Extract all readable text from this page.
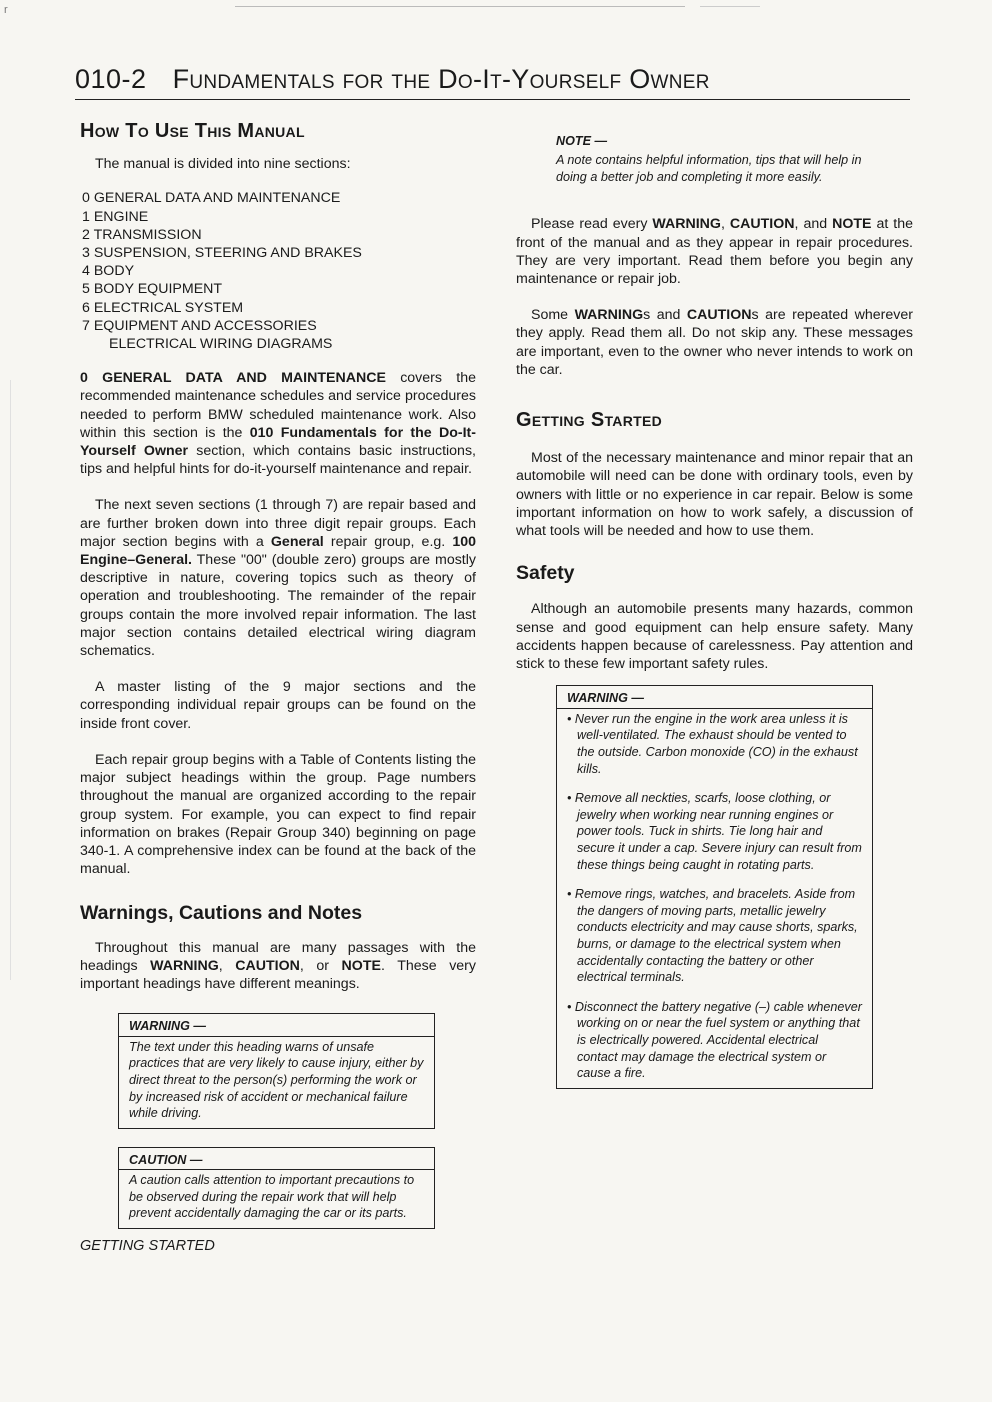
r
010-2 Fundamentals for the Do-It-Yourself Owner
How To Use This Manual

The manual is divided into nine sections:

0 GENERAL DATA AND MAINTENANCE
1 ENGINE
2 TRANSMISSION
3 SUSPENSION, STEERING AND BRAKES
4 BODY
5 BODY EQUIPMENT
6 ELECTRICAL SYSTEM
7 EQUIPMENT AND ACCESSORIES
ELECTRICAL WIRING DIAGRAMS

0 GENERAL DATA AND MAINTENANCE covers the recommended maintenance schedules and service procedures needed to perform BMW scheduled maintenance work. Also within this section is the 010 Fundamentals for the Do-It-Yourself Owner section, which contains basic instructions, tips and helpful hints for do-it-yourself maintenance and repair.

The next seven sections (1 through 7) are repair based and are further broken down into three digit repair groups. Each major section begins with a General repair group, e.g. 100 Engine–General. These "00" (double zero) groups are mostly descriptive in nature, covering topics such as theory of operation and troubleshooting. The remainder of the repair groups contain the more involved repair information. The last major section contains detailed electrical wiring diagram schematics.

A master listing of the 9 major sections and the corresponding individual repair groups can be found on the inside front cover.

Each repair group begins with a Table of Contents listing the major subject headings within the group. Page numbers throughout the manual are organized according to the repair group system. For example, you can expect to find repair information on brakes (Repair Group 340) beginning on page 340-1. A comprehensive index can be found at the back of the manual.

Warnings, Cautions and Notes

Throughout this manual are many passages with the headings WARNING, CAUTION, or NOTE. These very important headings have different meanings.

WARNING —
The text under this heading warns of unsafe practices that are very likely to cause injury, either by direct threat to the person(s) performing the work or by increased risk of accident or mechanical failure while driving.
CAUTION —
A caution calls attention to important precautions to be observed during the repair work that will help prevent accidentally damaging the car or its parts.
NOTE —
A note contains helpful information, tips that will help in doing a better job and completing it more easily.

Please read every WARNING, CAUTION, and NOTE at the front of the manual and as they appear in repair procedures. They are very important. Read them before you begin any maintenance or repair job.

Some WARNINGs and CAUTIONs are repeated wherever they apply. Read them all. Do not skip any. These messages are important, even to the owner who never intends to work on the car.

Getting Started

Most of the necessary maintenance and minor repair that an automobile will need can be done with ordinary tools, even by owners with little or no experience in car repair. Below is some important information on how to work safely, a discussion of what tools will be needed and how to use them.

Safety

Although an automobile presents many hazards, common sense and good equipment can help ensure safety. Many accidents happen because of carelessness. Pay attention and stick to these few important safety rules.

WARNING —
• Never run the engine in the work area unless it is well-ventilated. The exhaust should be vented to the outside. Carbon monoxide (CO) in the exhaust kills.
• Remove all neckties, scarfs, loose clothing, or jewelry when working near running engines or power tools. Tuck in shirts. Tie long hair and secure it under a cap. Severe injury can result from these things being caught in rotating parts.
• Remove rings, watches, and bracelets. Aside from the dangers of moving parts, metallic jewelry conducts electricity and may cause shorts, sparks, burns, or damage to the electrical system when accidentally contacting the battery or other electrical terminals.
• Disconnect the battery negative (–) cable whenever working on or near the fuel system or anything that is electrically powered. Accidental electrical contact may damage the electrical system or cause a fire.
GETTING STARTED
